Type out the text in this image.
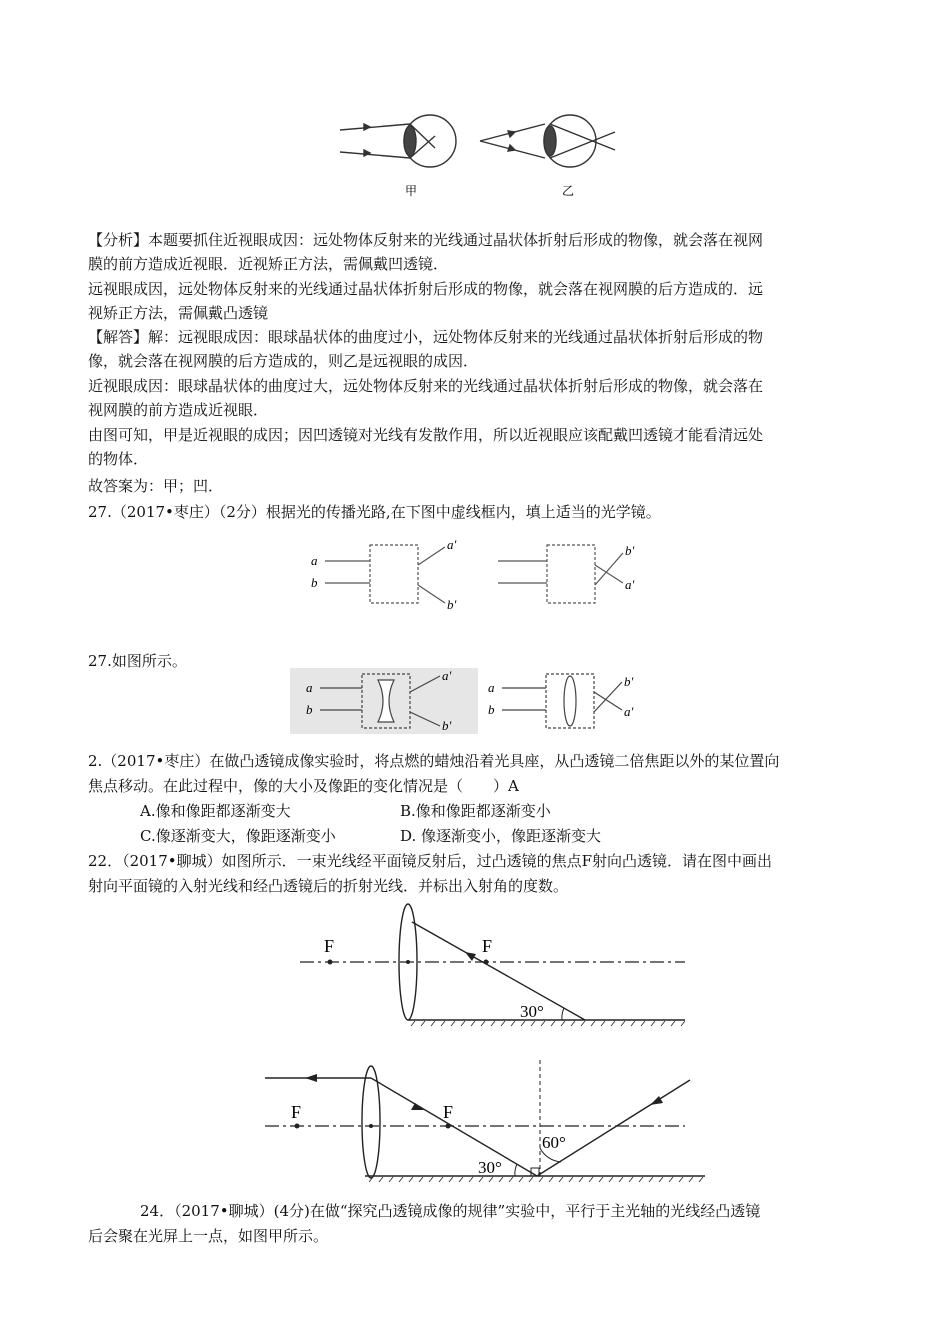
甲	乙
【分析】本题要抓住近视眼成因：远处物体反射来的光线通过晶状体折射后形成的物像，就会落在视网
膜的前方造成近视眼．近视矫正方法，需佩戴凹透镜．
远视眼成因，远处物体反射来的光线通过晶状体折射后形成的物像，就会落在视网膜的后方造成的．远
视矫正方法，需佩戴凸透镜
【解答】解：远视眼成因：眼球晶状体的曲度过小，远处物体反射来的光线通过晶状体折射后形成的物
像，就会落在视网膜的后方造成的，则乙是远视眼的成因．
近视眼成因：眼球晶状体的曲度过大，远处物体反射来的光线通过晶状体折射后形成的物像，就会落在
视网膜的前方造成近视眼．
由图可知，甲是近视眼的成因；因凹透镜对光线有发散作用，所以近视眼应该配戴凹透镜才能看清远处
的物体．
故答案为：甲；凹．
27.（2017•枣庄）（2分）根据光的传播光路,在下图中虚线框内，填上适当的光学镜。
a
b
a′
b′
b′
a′
27.如图所示。
a
b
a′
b′
a
b
b′
a′
2.（2017•枣庄）在做凸透镜成像实验时，将点燃的蜡烛沿着光具座，从凸透镜二倍焦距以外的某位置向
焦点移动。在此过程中，像的大小及像距的变化情况是（　　）A
A.像和像距都逐渐变大	B.像和像距都逐渐变小
C.像逐渐变大，像距逐渐变小	D. 像逐渐变小，像距逐渐变大
22．（2017•聊城）如图所示．一束光线经平面镜反射后，过凸透镜的焦点F射向凸透镜．请在图中画出
射向平面镜的入射光线和经凸透镜后的折射光线．并标出入射角的度数。
F	F
30°
F	F
30°
60°
24．（2017•聊城）(4分)在做“探究凸透镜成像的规律”实验中，平行于主光轴的光线经凸透镜
后会聚在光屏上一点，如图甲所示。
